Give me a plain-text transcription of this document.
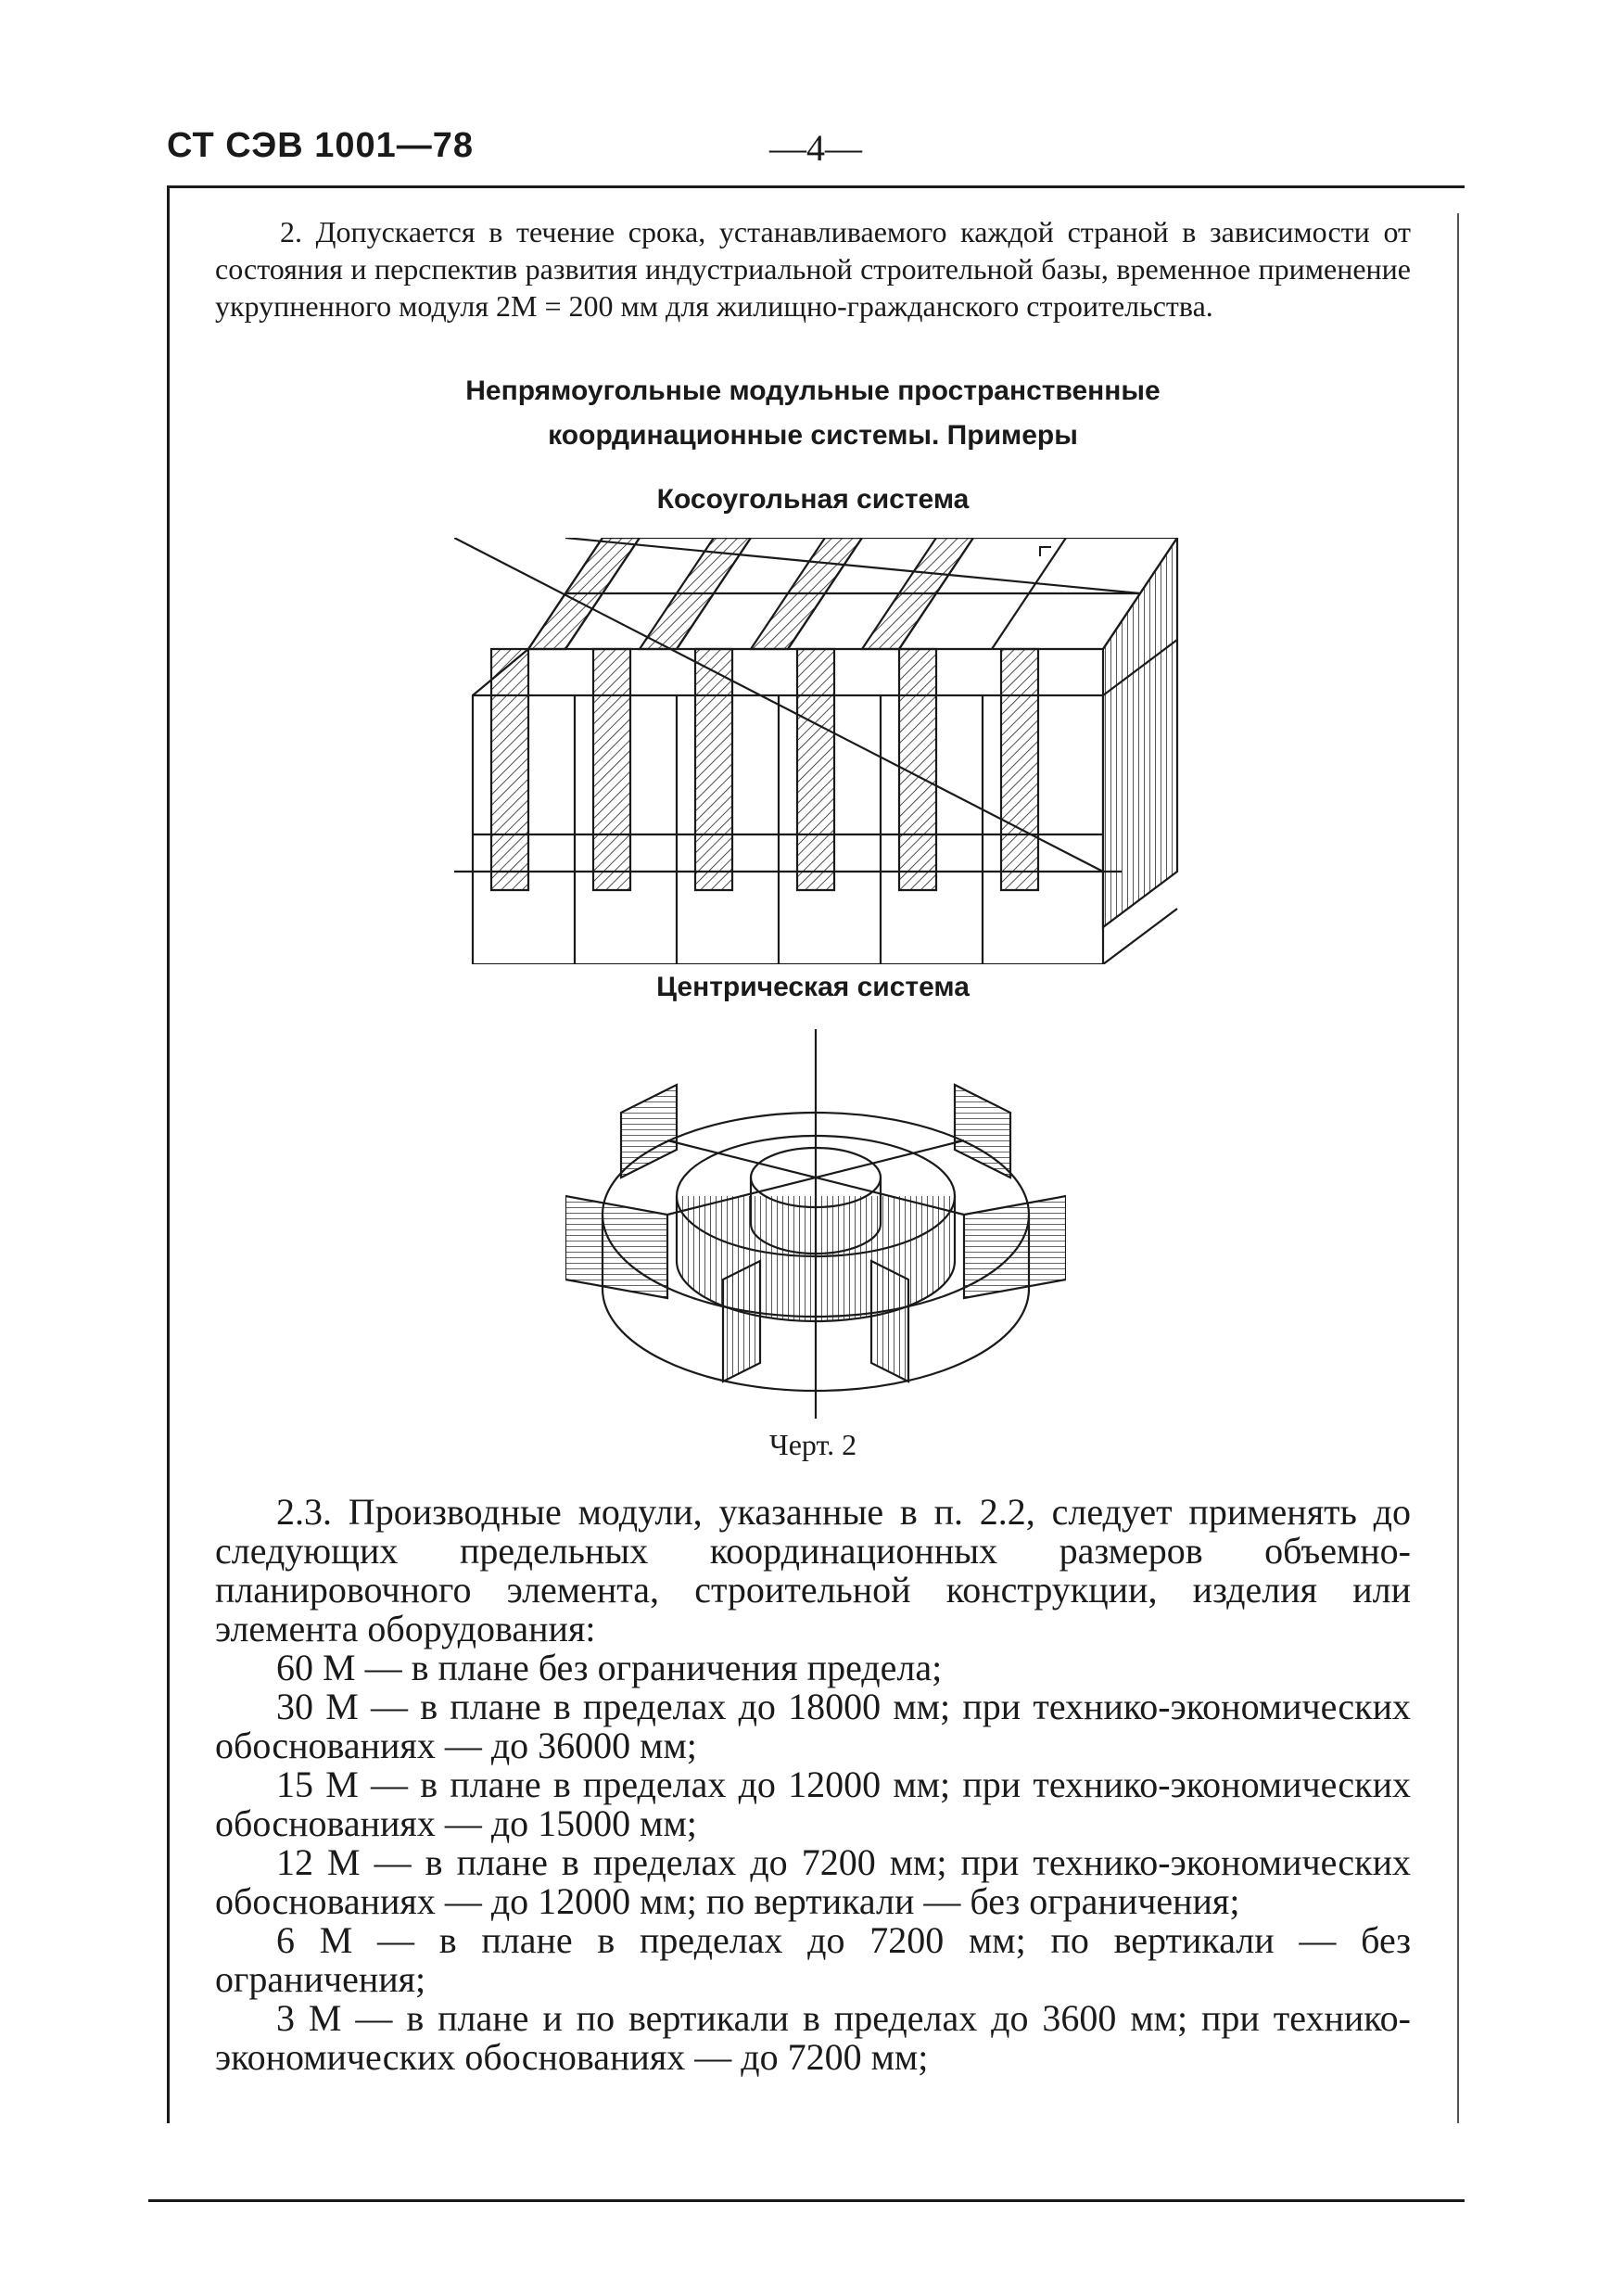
СТ СЭВ 1001—78	—4—

2. Допускается в течение срока, устанавливаемого каждой страной в зависимости от состояния и перспектив развития индустриальной строительной базы, временное применение укрупненного модуля 2M = 200 мм для жилищно-гражданского строительства.

Непрямоугольные модульные пространственные

координационные системы. Примеры

Косоугольная система

Центрическая система

Черт. 2

2.3. Производные модули, указанные в п. 2.2, следует применять до следующих предельных координационных размеров объемно-планировочного элемента, строительной конструкции, изделия или элемента оборудования:

60 M — в плане без ограничения предела;

30 M — в плане в пределах до 18000 мм; при технико-экономических обоснованиях — до 36000 мм;

15 M — в плане в пределах до 12000 мм; при технико-экономических обоснованиях — до 15000 мм;

12 M — в плане в пределах до 7200 мм; при технико-экономических обоснованиях — до 12000 мм; по вертикали — без ограничения;

6 M — в плане в пределах до 7200 мм; по вертикали — без ограничения;

3 M — в плане и по вертикали в пределах до 3600 мм; при технико-экономических обоснованиях — до 7200 мм;
